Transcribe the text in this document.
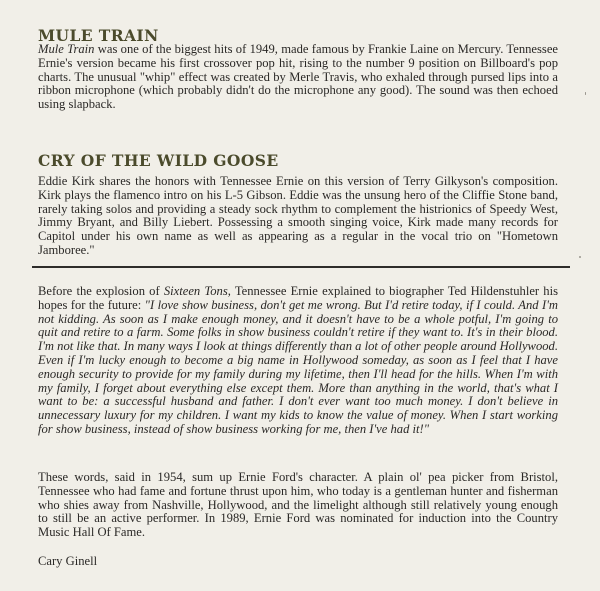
MULE TRAIN

Mule Train was one of the biggest hits of 1949, made famous by Frankie Laine on Mercury. Tennessee Ernie's version became his first crossover pop hit, rising to the number 9 position on Billboard's pop charts. The unusual "whip" effect was created by Merle Travis, who exhaled through pursed lips into a ribbon microphone (which probably didn't do the microphone any good). The sound was then echoed using slapback.

CRY OF THE WILD GOOSE

Eddie Kirk shares the honors with Tennessee Ernie on this version of Terry Gilkyson's composition. Kirk plays the flamenco intro on his L-5 Gibson. Eddie was the unsung hero of the Cliffie Stone band, rarely taking solos and providing a steady sock rhythm to complement the histrionics of Speedy West, Jimmy Bryant, and Billy Liebert. Possessing a smooth singing voice, Kirk made many records for Capitol under his own name as well as appearing as a regular in the vocal trio on "Hometown Jamboree."

Before the explosion of Sixteen Tons, Tennessee Ernie explained to biographer Ted Hildenstuhler his hopes for the future: "I love show business, don't get me wrong. But I'd retire today, if I could. And I'm not kidding. As soon as I make enough money, and it doesn't have to be a whole potful, I'm going to quit and retire to a farm. Some folks in show business couldn't retire if they want to. It's in their blood. I'm not like that. In many ways I look at things differently than a lot of other people around Hollywood. Even if I'm lucky enough to become a big name in Hollywood someday, as soon as I feel that I have enough security to provide for my family during my lifetime, then I'll head for the hills. When I'm with my family, I forget about everything else except them. More than anything in the world, that's what I want to be: a successful husband and father. I don't ever want too much money. I don't believe in unnecessary luxury for my children. I want my kids to know the value of money. When I start working for show business, instead of show business working for me, then I've had it!"

These words, said in 1954, sum up Ernie Ford's character. A plain ol' pea picker from Bristol, Tennessee who had fame and fortune thrust upon him, who today is a gentleman hunter and fisherman who shies away from Nashville, Hollywood, and the limelight although still relatively young enough to still be an active performer. In 1989, Ernie Ford was nominated for induction into the Country Music Hall Of Fame.

Cary Ginell
